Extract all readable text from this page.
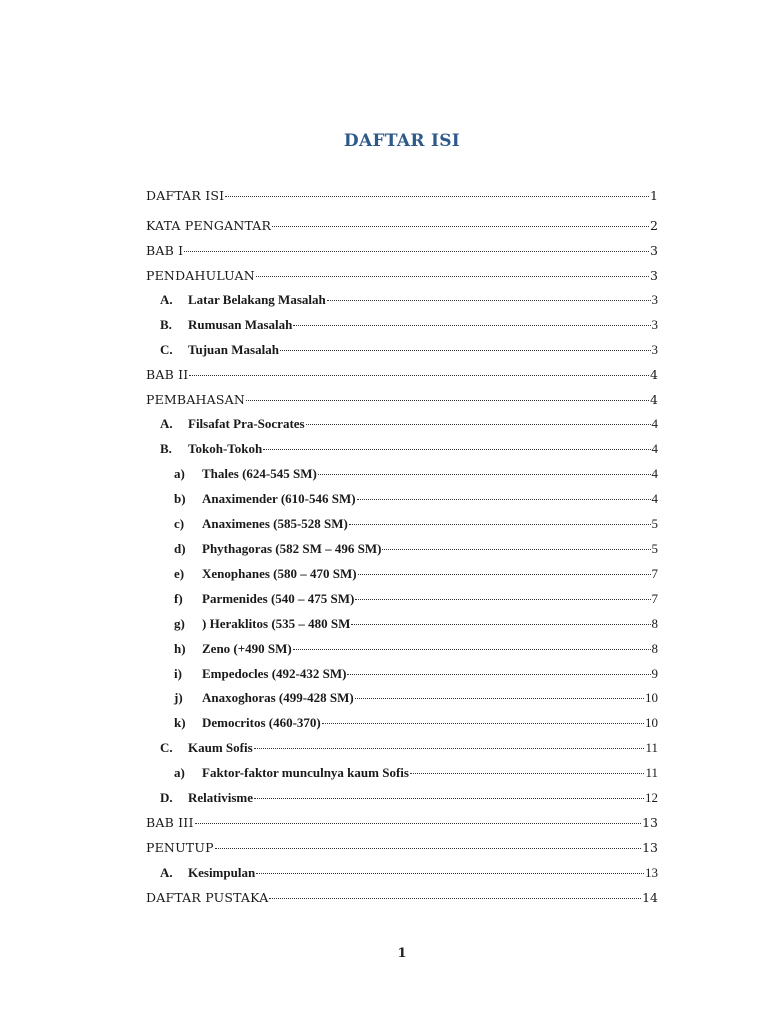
DAFTAR ISI
DAFTAR ISI	1
KATA PENGANTAR	2
BAB I	3
PENDAHULUAN	3
A.	Latar Belakang Masalah	3
B.	Rumusan Masalah	3
C.	Tujuan Masalah	3
BAB II	4
PEMBAHASAN	4
A.	Filsafat Pra-Socrates	4
B.	Tokoh-Tokoh	4
a)	Thales (624-545 SM)	4
b)	Anaximender (610-546 SM)	4
c)	Anaximenes (585-528 SM)	5
d)	Phythagoras (582 SM – 496 SM)	5
e)	Xenophanes (580 – 470 SM)	7
f)	Parmenides (540 – 475 SM)	7
g)	) Heraklitos (535 – 480 SM	8
h)	Zeno (+490 SM)	8
i)	Empedocles (492-432 SM)	9
j)	Anaxoghoras (499-428 SM)	10
k)	Democritos (460-370)	10
C.	Kaum Sofis	11
a)	Faktor-faktor munculnya kaum Sofis	11
D.	Relativisme	12
BAB III	13
PENUTUP	13
A.	Kesimpulan	13
DAFTAR PUSTAKA	14
1
